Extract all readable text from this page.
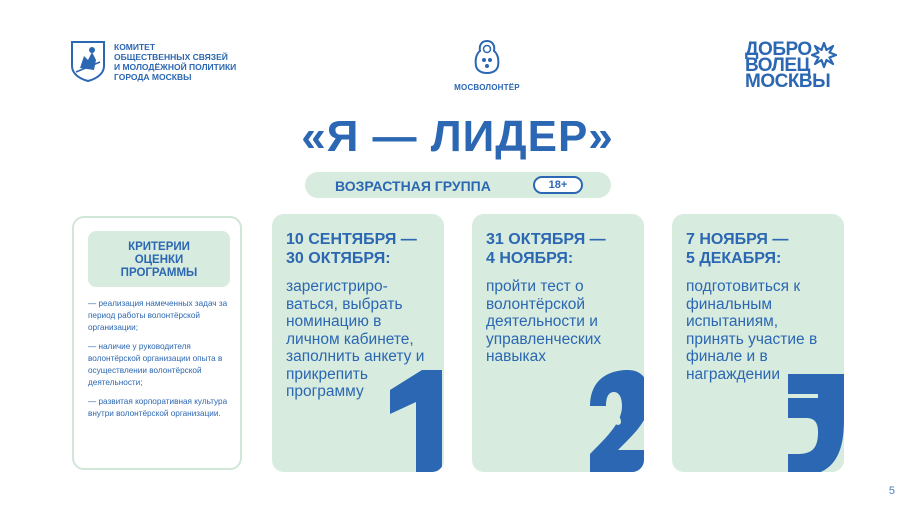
КОМИТЕТ
ОБЩЕСТВЕННЫХ СВЯЗЕЙ
И МОЛОДЁЖНОЙ ПОЛИТИКИ
ГОРОДА МОСКВЫ
МОСВОЛОНТЁР
ДОБРО
ВОЛЕЦ
МОСКВЫ
«Я — ЛИДЕР»
ВОЗРАСТНАЯ ГРУППА	18+
КРИТЕРИИ
ОЦЕНКИ
ПРОГРАММЫ

— реализация намеченных задач за период работы волонтёрской организации;

— наличие у руководителя волонтёрской организации опыта в осуществлении волонтёрской деятельности;

— развитая корпоративная культура внутри волонтёрской организации.

10 СЕНТЯБРЯ —
30 ОКТЯБРЯ:
зарегистриро-ваться, выбрать номинацию в личном кабинете, заполнить анкету и прикрепить программу
31 ОКТЯБРЯ —
4 НОЯБРЯ:
пройти тест о волонтёрской деятельности и управленческих навыках
7 НОЯБРЯ —
5 ДЕКАБРЯ:
подготовиться к финальным испытаниям, принять участие в финале и в награждении
5
